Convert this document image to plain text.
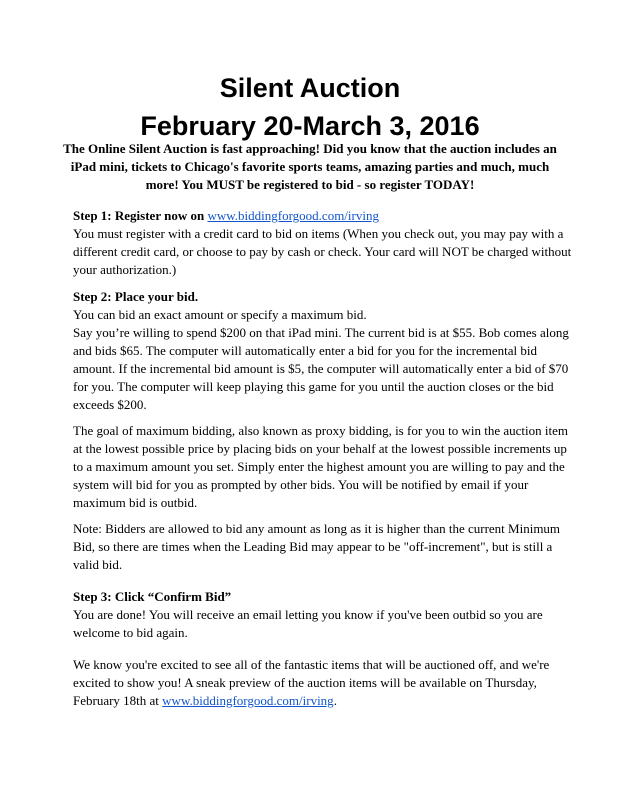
Silent Auction
February 20-March 3, 2016

The Online Silent Auction is fast approaching! Did you know that the auction includes an
iPad mini, tickets to Chicago's favorite sports teams, amazing parties and much, much
more! You MUST be registered to bid - so register TODAY!

Step 1: Register now on www.biddingforgood.com/irving
You must register with a credit card to bid on items (When you check out, you may pay with a
different credit card, or choose to pay by cash or check. Your card will NOT be charged without
your authorization.)
Step 2: Place your bid.
You can bid an exact amount or specify a maximum bid.
Say you’re willing to spend $200 on that iPad mini. The current bid is at $55. Bob comes along
and bids $65. The computer will automatically enter a bid for you for the incremental bid
amount. If the incremental bid amount is $5, the computer will automatically enter a bid of $70
for you. The computer will keep playing this game for you until the auction closes or the bid
exceeds $200.
The goal of maximum bidding, also known as proxy bidding, is for you to win the auction item
at the lowest possible price by placing bids on your behalf at the lowest possible increments up
to a maximum amount you set. Simply enter the highest amount you are willing to pay and the
system will bid for you as prompted by other bids. You will be notified by email if your
maximum bid is outbid.
Note: Bidders are allowed to bid any amount as long as it is higher than the current Minimum
Bid, so there are times when the Leading Bid may appear to be "off-increment", but is still a
valid bid.
Step 3: Click “Confirm Bid”
You are done! You will receive an email letting you know if you've been outbid so you are
welcome to bid again.
We know you're excited to see all of the fantastic items that will be auctioned off, and we're
excited to show you! A sneak preview of the auction items will be available on Thursday,
February 18th at www.biddingforgood.com/irving.
